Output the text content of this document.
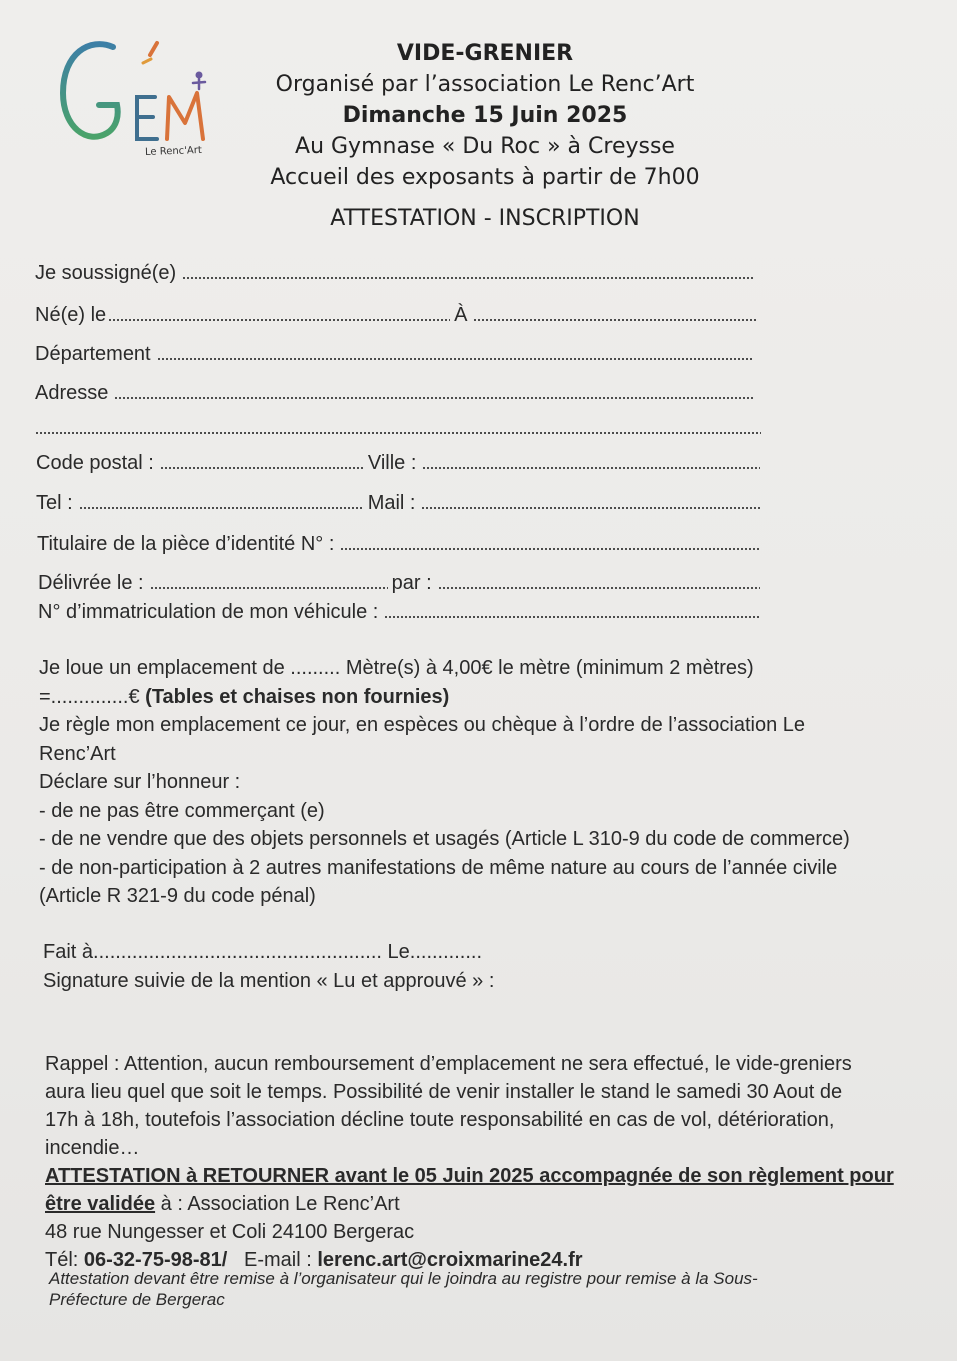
Le Renc'Art
VIDE-GRENIER
Organisé par l’association Le Renc’Art
Dimanche 15 Juin 2025
Au Gymnase « Du Roc » à Creysse
Accueil des exposants à partir de 7h00
ATTESTATION - INSCRIPTION
Je soussigné(e)
Né(e) le	À
Département
Adresse
Code postal :	Ville :
Tel :	Mail :
Titulaire de la pièce d’identité N° :
Délivrée le :	par :
N° d’immatriculation de mon véhicule :

Je loue un emplacement de ......... Mètre(s) à 4,00€ le mètre (minimum 2 mètres)

=..............€ (Tables et chaises non fournies)

Je règle mon emplacement ce jour, en espèces ou chèque à l’ordre de l’association Le

Renc’Art

Déclare sur l’honneur :

- de ne pas être commerçant (e)

- de ne vendre que des objets personnels et usagés (Article L 310-9 du code de commerce)

- de non-participation à 2 autres manifestations de même nature au cours de l’année civile

(Article R 321-9 du code pénal)

Fait à.................................................... Le.............

Signature suivie de la mention « Lu et approuvé » :

Rappel : Attention, aucun remboursement d’emplacement ne sera effectué, le vide-greniers

aura lieu quel que soit le temps. Possibilité de venir installer le stand le samedi 30 Aout de

17h à 18h, toutefois l’association décline toute responsabilité en cas de vol, détérioration,

incendie…

ATTESTATION à RETOURNER avant le 05 Juin 2025 accompagnée de son règlement pour

être validée à : Association Le Renc’Art

48 rue Nungesser et Coli 24100 Bergerac

Tél: 06-32-75-98-81/   E-mail : lerenc.art@croixmarine24.fr

Attestation devant être remise à l’organisateur qui le joindra au registre pour remise à la Sous-

Préfecture de Bergerac
